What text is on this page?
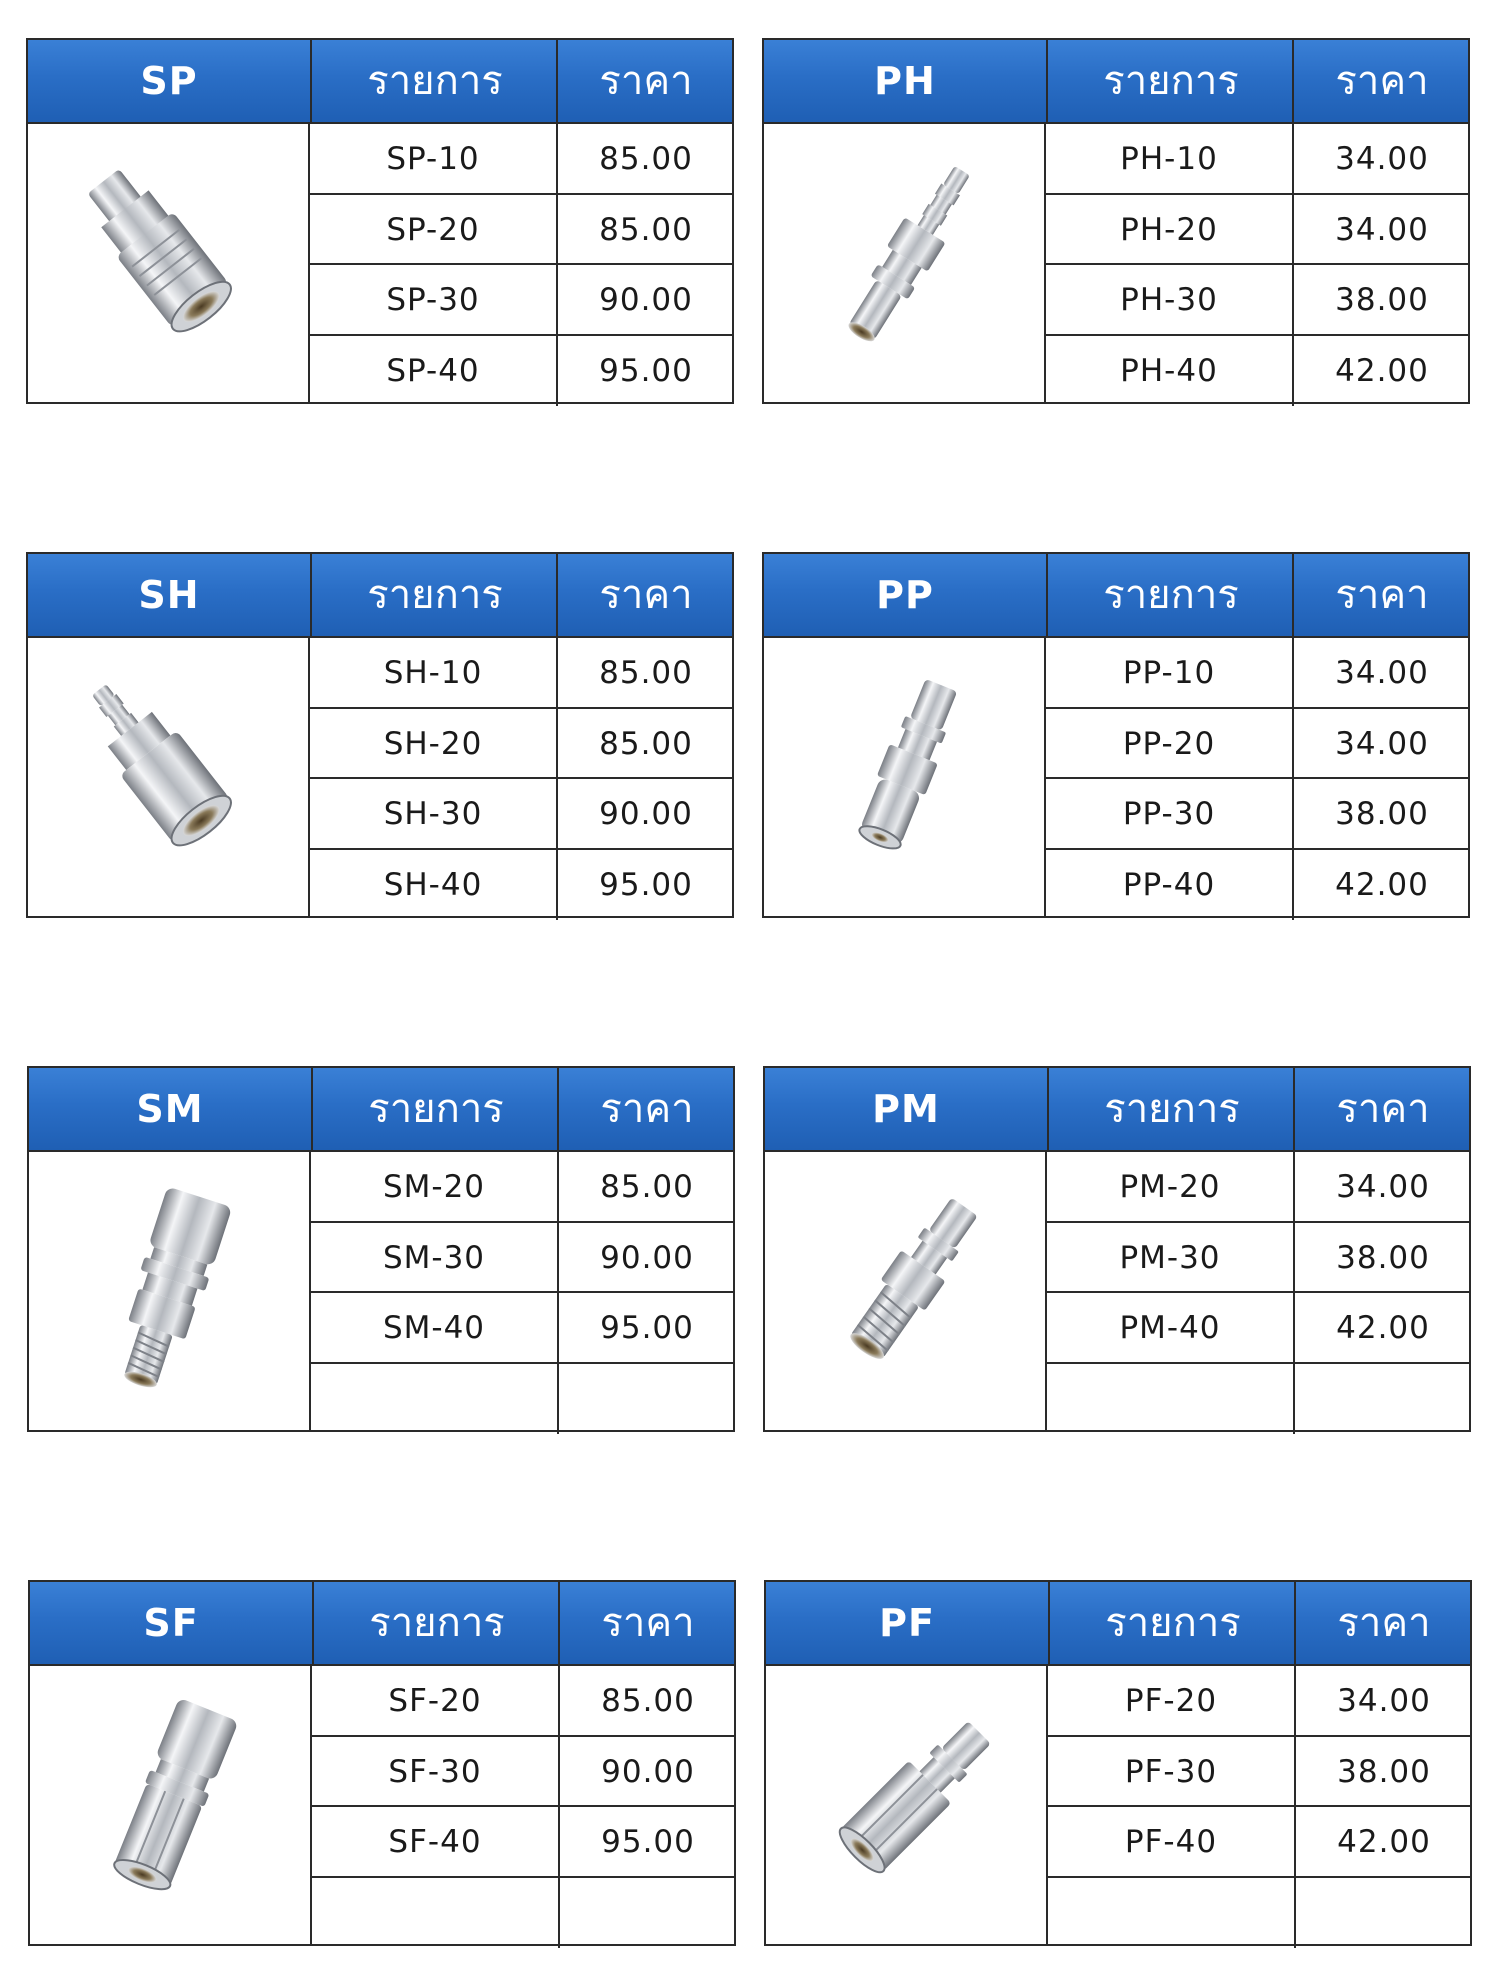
SP	รายการ	ราคา
SP-10	85.00
SP-20	85.00
SP-30	90.00
SP-40	95.00
PH	รายการ	ราคา
PH-10	34.00
PH-20	34.00
PH-30	38.00
PH-40	42.00
SH	รายการ	ราคา
SH-10	85.00
SH-20	85.00
SH-30	90.00
SH-40	95.00
PP	รายการ	ราคา
PP-10	34.00
PP-20	34.00
PP-30	38.00
PP-40	42.00
SM	รายการ	ราคา
SM-20	85.00
SM-30	90.00
SM-40	95.00
PM	รายการ	ราคา
PM-20	34.00
PM-30	38.00
PM-40	42.00
SF	รายการ	ราคา
SF-20	85.00
SF-30	90.00
SF-40	95.00
PF	รายการ	ราคา
PF-20	34.00
PF-30	38.00
PF-40	42.00
